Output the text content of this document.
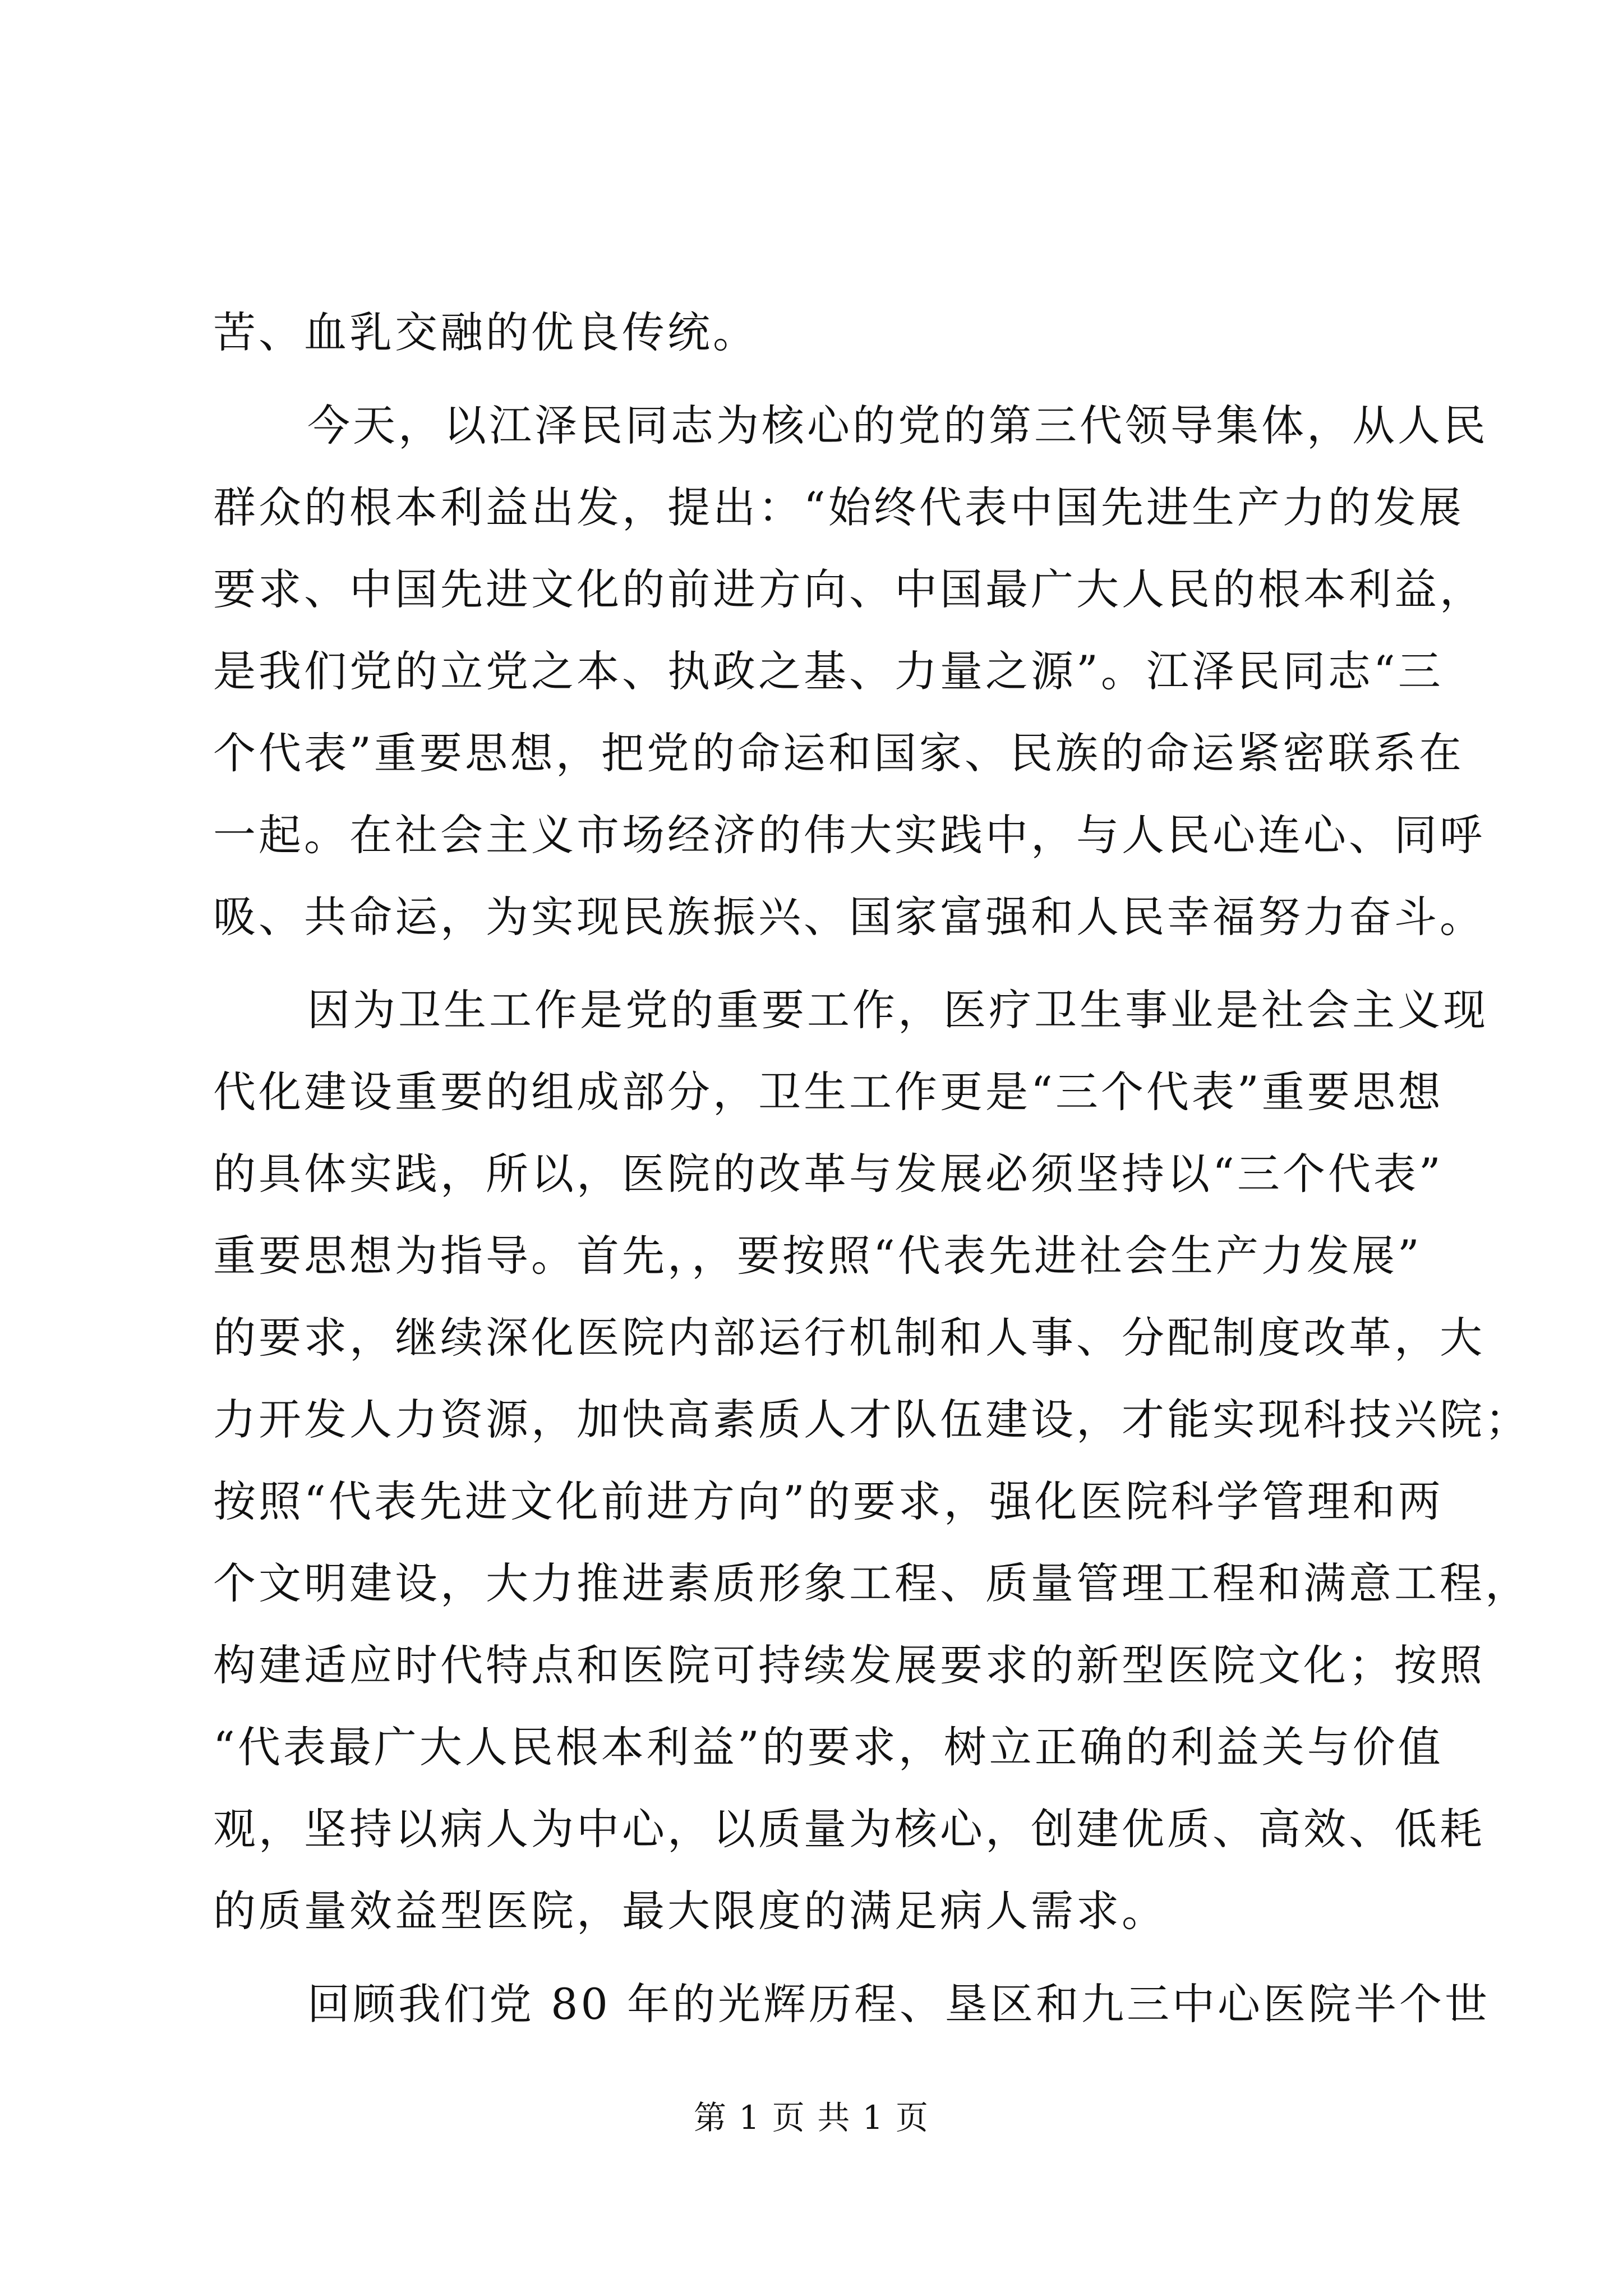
苦、血乳交融的优良传统。
今天，以江泽民同志为核心的党的第三代领导集体，从人民
群众的根本利益出发，提出：“始终代表中国先进生产力的发展
要求、中国先进文化的前进方向、中国最广大人民的根本利益，
是我们党的立党之本、执政之基、力量之源”。江泽民同志“三
个代表”重要思想，把党的命运和国家、民族的命运紧密联系在
一起。在社会主义市场经济的伟大实践中，与人民心连心、同呼
吸、共命运，为实现民族振兴、国家富强和人民幸福努力奋斗。
因为卫生工作是党的重要工作，医疗卫生事业是社会主义现
代化建设重要的组成部分，卫生工作更是“三个代表”重要思想
的具体实践，所以，医院的改革与发展必须坚持以“三个代表”
重要思想为指导。首先，，要按照“代表先进社会生产力发展”
的要求，继续深化医院内部运行机制和人事、分配制度改革，大
力开发人力资源，加快高素质人才队伍建设，才能实现科技兴院；
按照“代表先进文化前进方向”的要求，强化医院科学管理和两
个文明建设，大力推进素质形象工程、质量管理工程和满意工程，
构建适应时代特点和医院可持续发展要求的新型医院文化；按照
“代表最广大人民根本利益”的要求，树立正确的利益关与价值
观，坚持以病人为中心，以质量为核心，创建优质、高效、低耗
的质量效益型医院，最大限度的满足病人需求。
回顾我们党 80 年的光辉历程、垦区和九三中心医院半个世
第 1 页 共 1 页
